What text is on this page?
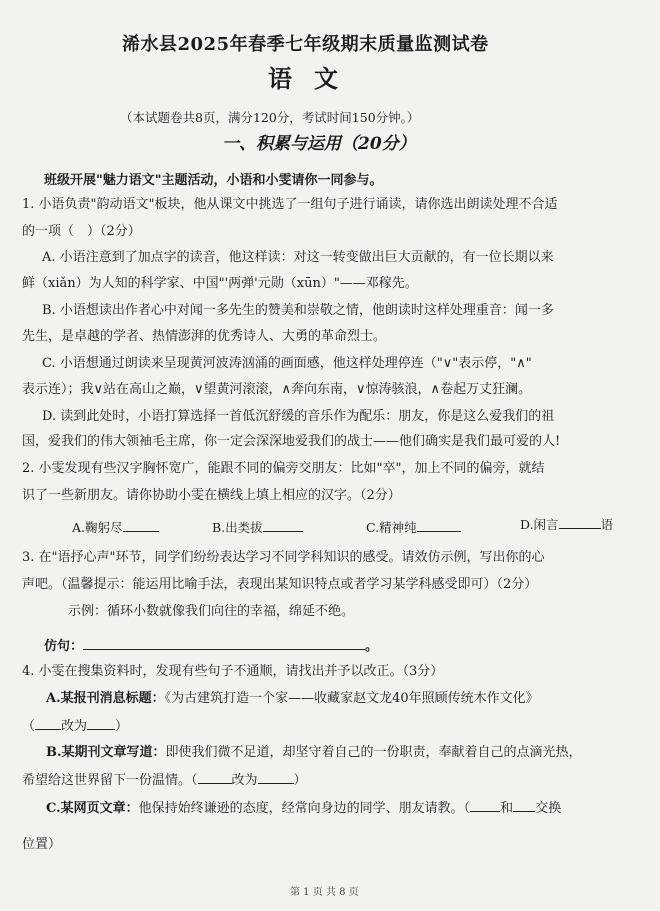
浠水县2025年春季七年级期末质量监测试卷
语文
（本试题卷共8页，满分120分，考试时间150分钟。）
一、积累与运用（20分）
班级开展"魅力语文"主题活动，小语和小雯请你一同参与。
1. 小语负责"韵动语文"板块，他从课文中挑选了一组句子进行诵读，请你选出朗读处理不合适
的一项（　）（2分）
A. 小语注意到了加点字的读音，他这样读：对这一转变做出巨大贡献的，有一位长期以来
鲜（xiǎn）为人知的科学家、中国"'两弹'元勋（xūn）"——邓稼先。
B. 小语想读出作者心中对闻一多先生的赞美和崇敬之情，他朗读时这样处理重音：闻一多
先生，是卓越的学者、热情澎湃的优秀诗人、大勇的革命烈士。
C. 小语想通过朗读来呈现黄河波涛汹涌的画面感，他这样处理停连（"∨"表示停，"∧"
表示连）；我∨站在高山之巅，∨望黄河滚滚，∧奔向东南，∨惊涛骇浪，∧卷起万丈狂澜。
D. 读到此处时，小语打算选择一首低沉舒缓的音乐作为配乐：朋友，你是这么爱我们的祖
国，爱我们的伟大领袖毛主席，你一定会深深地爱我们的战士——他们确实是我们最可爱的人!
2. 小雯发现有些汉字胸怀宽广，能跟不同的偏旁交朋友：比如"卒"，加上不同的偏旁，就结
识了一些新朋友。请你协助小雯在横线上填上相应的汉字。（2分）
A.鞠躬尽	B.出类拔	C.精神纯	D.闲言	语
3. 在"语抒心声"环节，同学们纷纷表达学习不同学科知识的感受。请效仿示例，写出你的心
声吧。（温馨提示：能运用比喻手法，表现出某知识特点或者学习某学科感受即可）（2分）
示例：循环小数就像我们向往的幸福，绵延不绝。
仿句：	。
4. 小雯在搜集资料时，发现有些句子不通顺，请找出并予以改正。（3分）
A.某报刊消息标题：《为古建筑打造一个家——收藏家赵文龙40年照顾传统木作文化》
（ 改为 ）
B.某期刊文章写道：即使我们微不足道，却坚守着自己的一份职责，奉献着自己的点滴光热，
希望给这世界留下一份温情。（	改为	）
C.某网页文章：他保持始终谦逊的态度，经常向身边的同学、朋友请教。（ 和 交换
位置）
第 1 页 共 8 页
